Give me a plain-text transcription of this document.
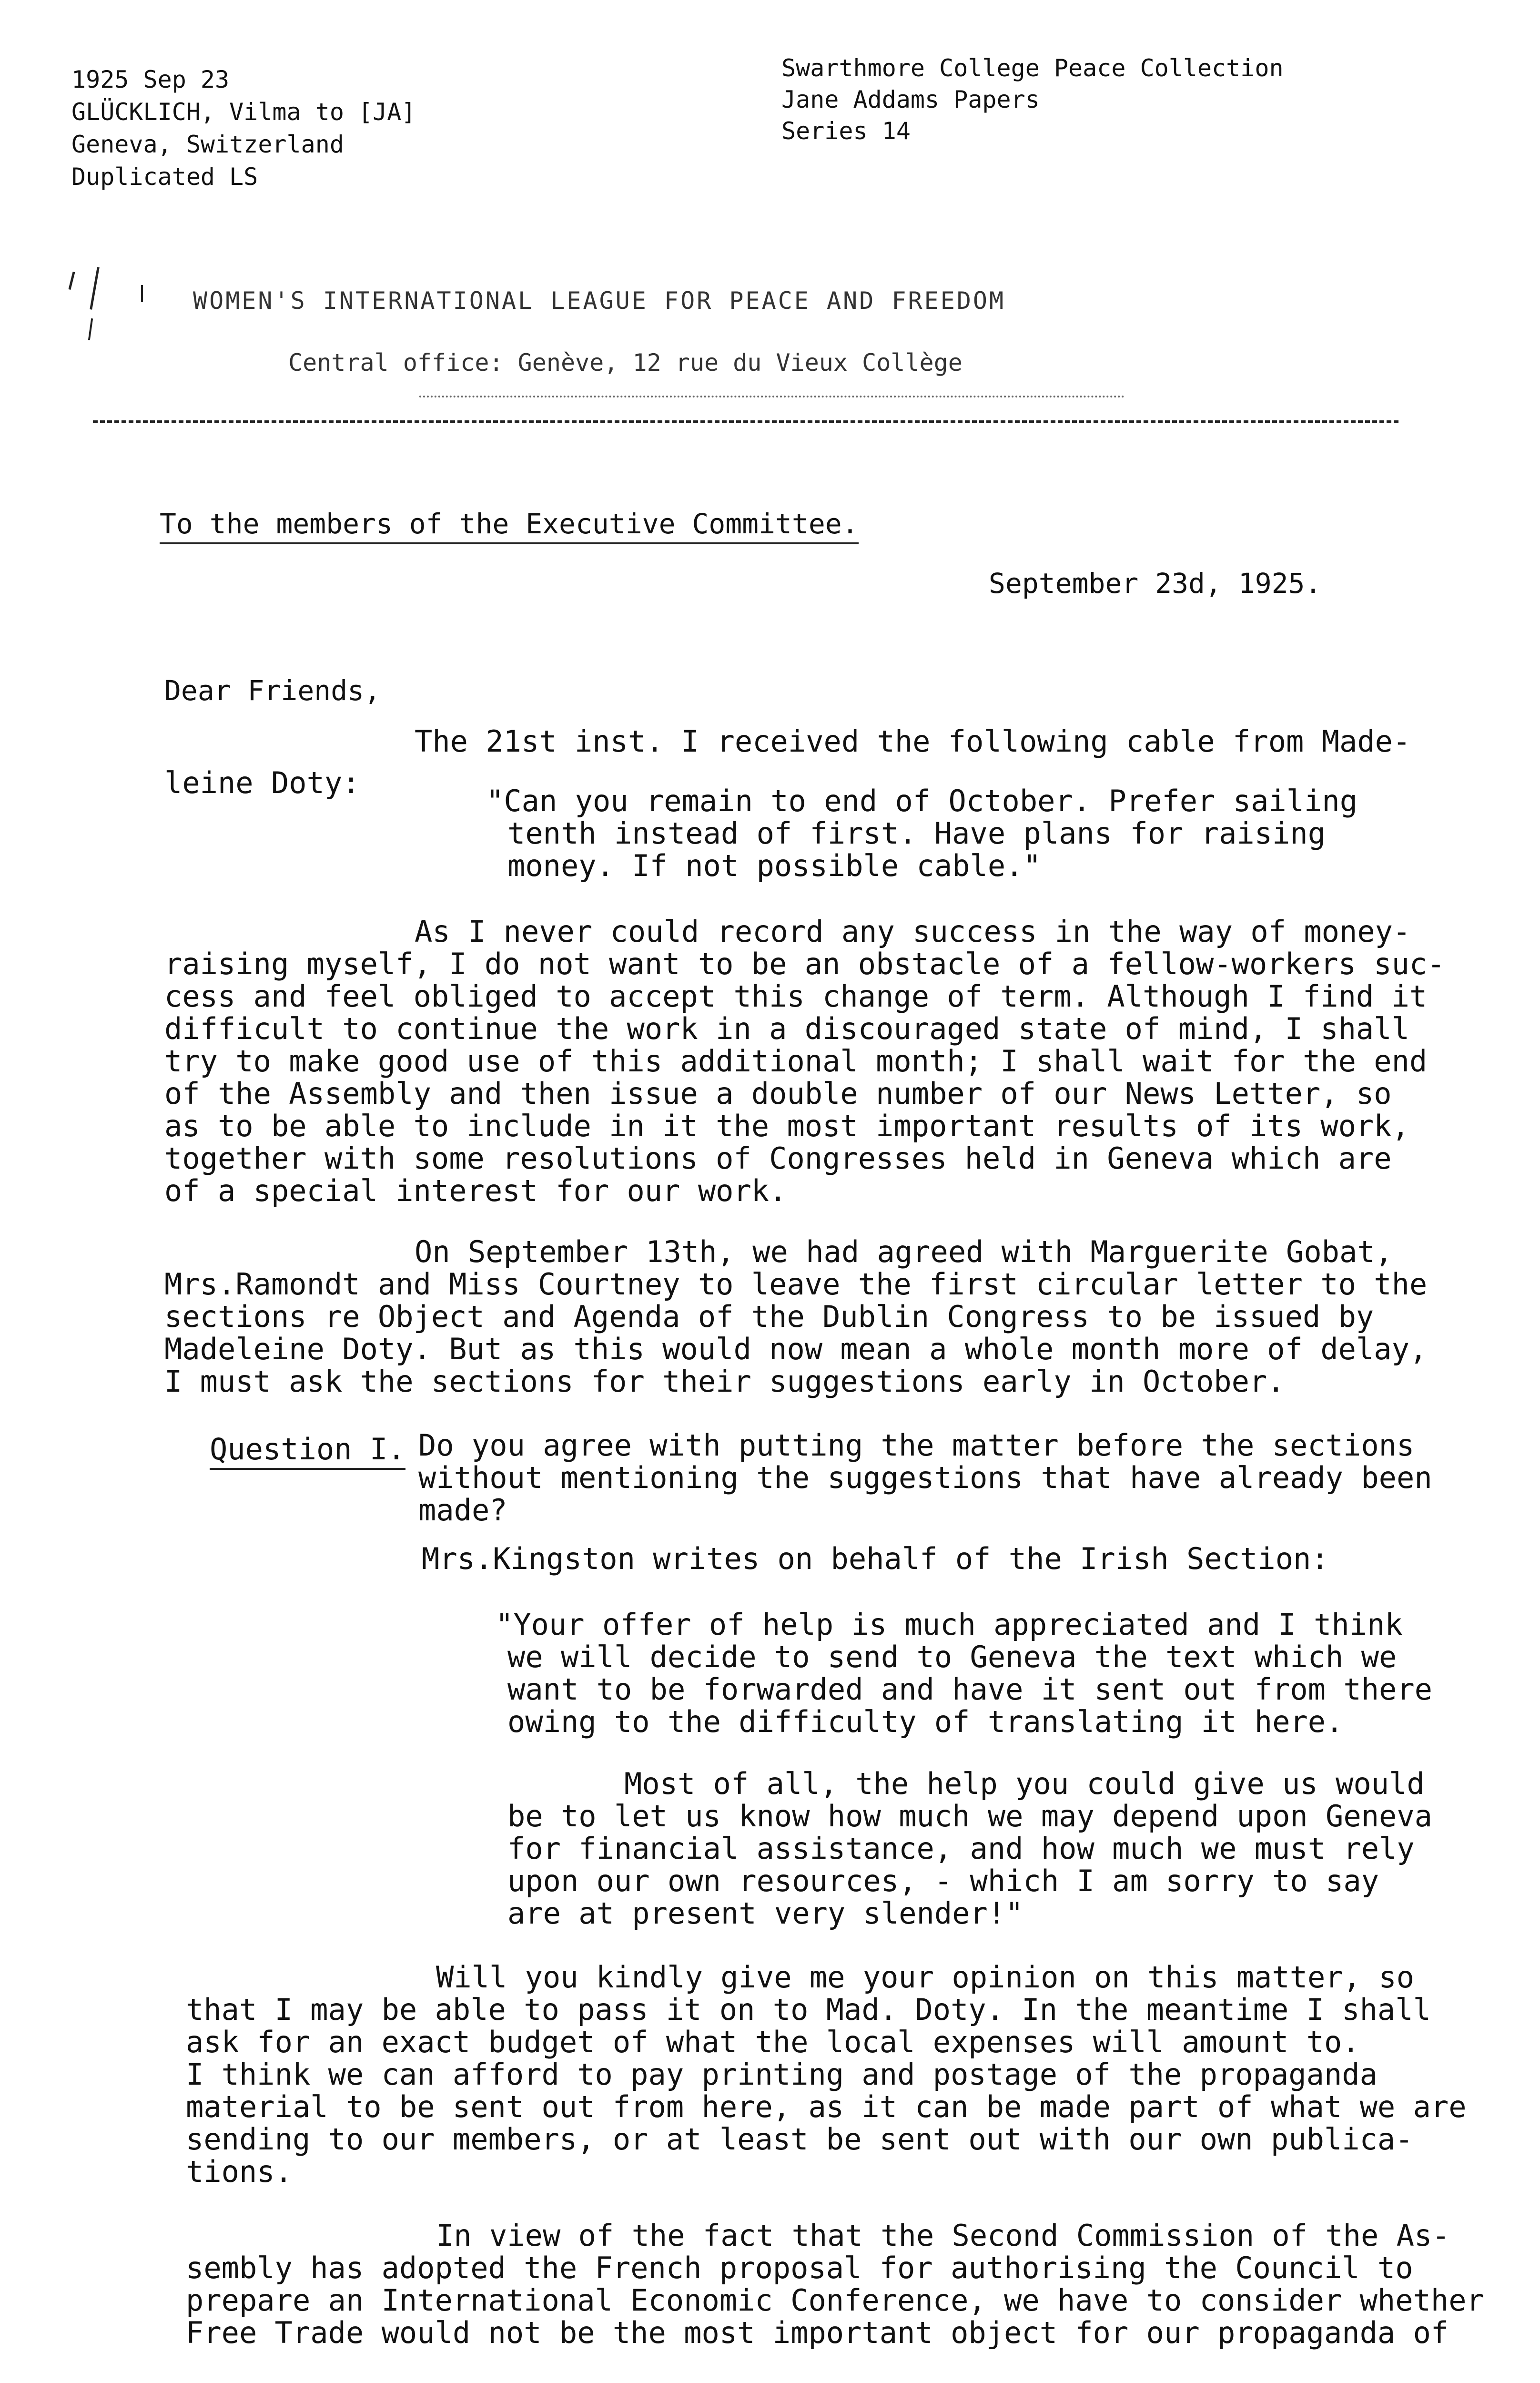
1925 Sep 23
GLÜCKLICH, Vilma to [JA]
Geneva, Switzerland
Duplicated LS
Swarthmore College Peace Collection
Jane Addams Papers
Series 14
WOMEN'S INTERNATIONAL LEAGUE FOR PEACE AND FREEDOM
Central office: Genève, 12 rue du Vieux Collège
To the members of the Executive Committee.
September 23d, 1925.
Dear Friends,
The 21st inst. I received the following cable from Made-
leine Doty:
"Can you remain to end of October. Prefer sailing
tenth instead of first. Have plans for raising
money. If not possible cable."
As I never could record any success in the way of money-
raising myself, I do not want to be an obstacle of a fellow-workers suc-
cess and feel obliged to accept this change of term. Although I find it
difficult to continue the work in a discouraged state of mind, I shall
try to make good use of this additional month; I shall wait for the end
of the Assembly and then issue a double number of our News Letter, so
as to be able to include in it the most important results of its work,
together with some resolutions of Congresses held in Geneva which are
of a special interest for our work.
On September 13th, we had agreed with Marguerite Gobat,
Mrs.Ramondt and Miss Courtney to leave the first circular letter to the
sections re Object and Agenda of the Dublin Congress to be issued by
Madeleine Doty. But as this would now mean a whole month more of delay,
I must ask the sections for their suggestions early in October.
Question I. Do you agree with putting the matter before the sections
without mentioning the suggestions that have already been
made?
Mrs.Kingston writes on behalf of the Irish Section:
"Your offer of help is much appreciated and I think
we will decide to send to Geneva the text which we
want to be forwarded and have it sent out from there
owing to the difficulty of translating it here.
Most of all, the help you could give us would
be to let us know how much we may depend upon Geneva
for financial assistance, and how much we must rely
upon our own resources, - which I am sorry to say
are at present very slender!"
Will you kindly give me your opinion on this matter, so
that I may be able to pass it on to Mad. Doty. In the meantime I shall
ask for an exact budget of what the local expenses will amount to.
I think we can afford to pay printing and postage of the propaganda
material to be sent out from here, as it can be made part of what we are
sending to our members, or at least be sent out with our own publica-
tions.
In view of the fact that the Second Commission of the As-
sembly has adopted the French proposal for authorising the Council to
prepare an International Economic Conference, we have to consider whether
Free Trade would not be the most important object for our propaganda of
